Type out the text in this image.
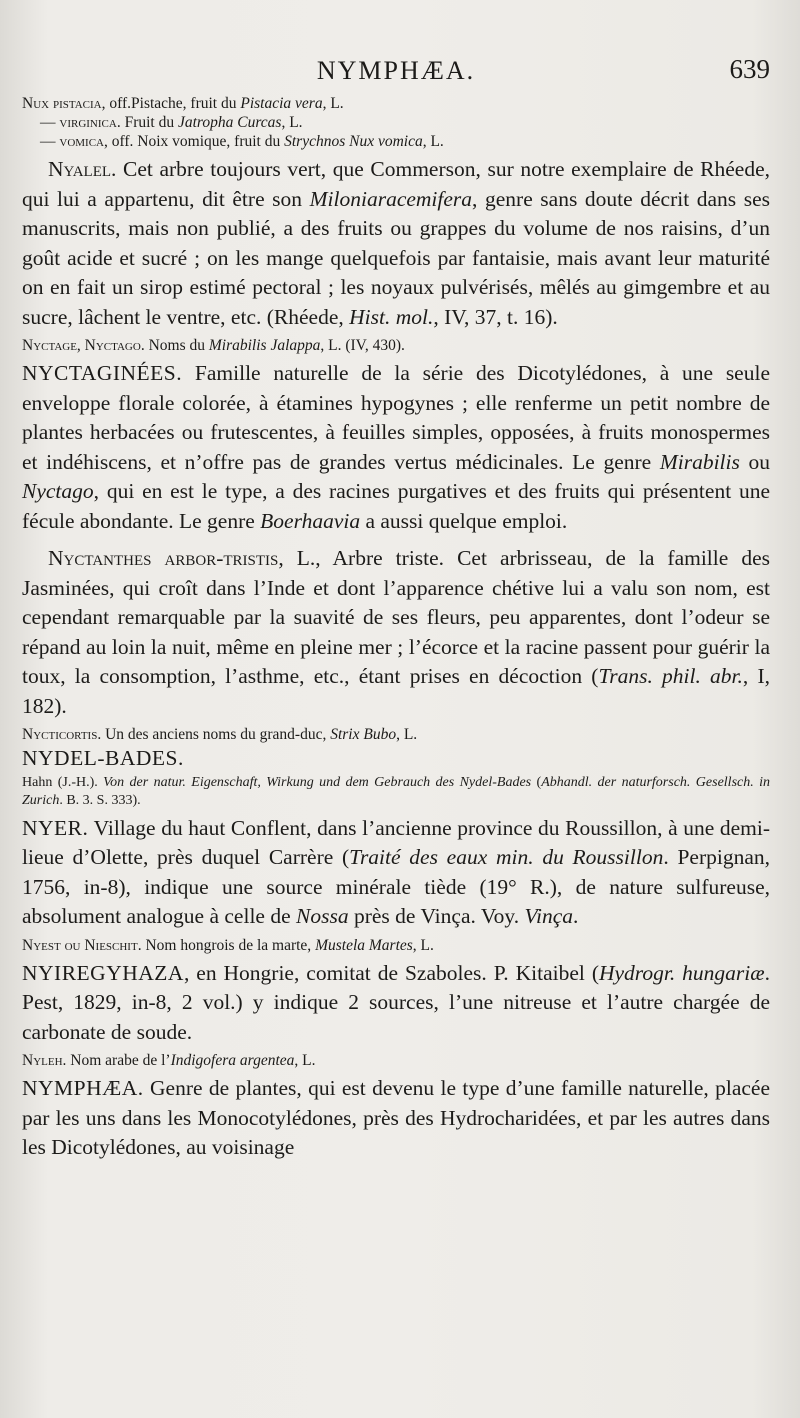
NYMPHÆA.	639

Nux pistacia, off.Pistache, fruit du Pistacia vera, L.

— virginica. Fruit du Jatropha Curcas, L.

— vomica, off. Noix vomique, fruit du Strychnos Nux vomica, L.

Nyalel. Cet arbre toujours vert, que Commerson, sur notre exemplaire de Rhéede, qui lui a appartenu, dit être son Miloniaracemifera, genre sans doute décrit dans ses manuscrits, mais non publié, a des fruits ou grappes du volume de nos raisins, d’un goût acide et sucré ; on les mange quelquefois par fantaisie, mais avant leur maturité on en fait un sirop estimé pectoral ; les noyaux pulvérisés, mêlés au gimgembre et au sucre, lâchent le ventre, etc. (Rhéede, Hist. mol., IV, 37, t. 16).

Nyctage, Nyctago. Noms du Mirabilis Jalappa, L. (IV, 430).

NYCTAGINÉES. Famille naturelle de la série des Dicotylédones, à une seule enveloppe florale colorée, à étamines hypogynes ; elle renferme un petit nombre de plantes herbacées ou frutescentes, à feuilles simples, opposées, à fruits monospermes et indéhiscens, et n’offre pas de grandes vertus médicinales. Le genre Mirabilis ou Nyctago, qui en est le type, a des racines purgatives et des fruits qui présentent une fécule abondante. Le genre Boerhaavia a aussi quelque emploi.

Nyctanthes arbor-tristis, L., Arbre triste. Cet arbrisseau, de la famille des Jasminées, qui croît dans l’Inde et dont l’apparence chétive lui a valu son nom, est cependant remarquable par la suavité de ses fleurs, peu apparentes, dont l’odeur se répand au loin la nuit, même en pleine mer ; l’écorce et la racine passent pour guérir la toux, la consomption, l’asthme, etc., étant prises en décoction (Trans. phil. abr., I, 182).

Nycticortis. Un des anciens noms du grand-duc, Strix Bubo, L.

NYDEL-BADES.

Hahn (J.-H.). Von der natur. Eigenschaft, Wirkung und dem Gebrauch des Nydel-Bades (Abhandl. der naturforsch. Gesellsch. in Zurich. B. 3. S. 333).

NYER. Village du haut Conflent, dans l’ancienne province du Roussillon, à une demi-lieue d’Olette, près duquel Carrère (Traité des eaux min. du Roussillon. Perpignan, 1756, in-8), indique une source minérale tiède (19° R.), de nature sulfureuse, absolument analogue à celle de Nossa près de Vinça. Voy. Vinça.

Nyest ou Nieschit. Nom hongrois de la marte, Mustela Martes, L.

NYIREGYHAZA, en Hongrie, comitat de Szaboles. P. Kitaibel (Hydrogr. hungariæ. Pest, 1829, in-8, 2 vol.) y indique 2 sources, l’une nitreuse et l’autre chargée de carbonate de soude.

Nyleh. Nom arabe de l’Indigofera argentea, L.

NYMPHÆA. Genre de plantes, qui est devenu le type d’une famille naturelle, placée par les uns dans les Monocotylédones, près des Hydrocharidées, et par les autres dans les Dicotylédones, au voisinage
